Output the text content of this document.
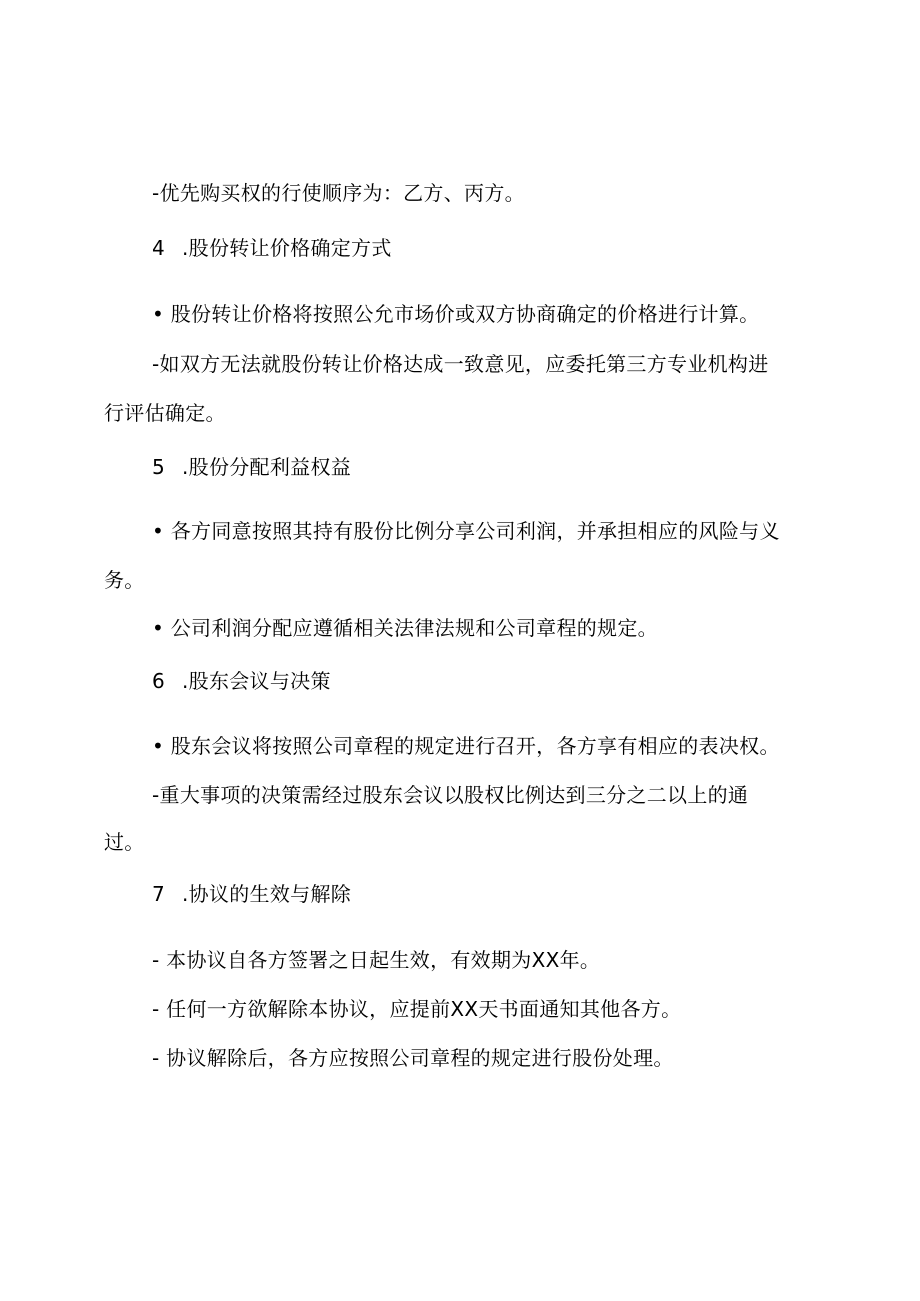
-优先购买权的行使顺序为：乙方、丙方。
4 .股份转让价格确定方式
• 股份转让价格将按照公允市场价或双方协商确定的价格进行计算。
-如双方无法就股份转让价格达成一致意见，应委托第三方专业机构进
行评估确定。
5 .股份分配利益权益
• 各方同意按照其持有股份比例分享公司利润，并承担相应的风险与义
务。
• 公司利润分配应遵循相关法律法规和公司章程的规定。
6 .股东会议与决策
• 股东会议将按照公司章程的规定进行召开，各方享有相应的表决权。
-重大事项的决策需经过股东会议以股权比例达到三分之二以上的通
过。
7 .协议的生效与解除
- 本协议自各方签署之日起生效，有效期为XX年。
- 任何一方欲解除本协议，应提前XX天书面通知其他各方。
- 协议解除后，各方应按照公司章程的规定进行股份处理。
